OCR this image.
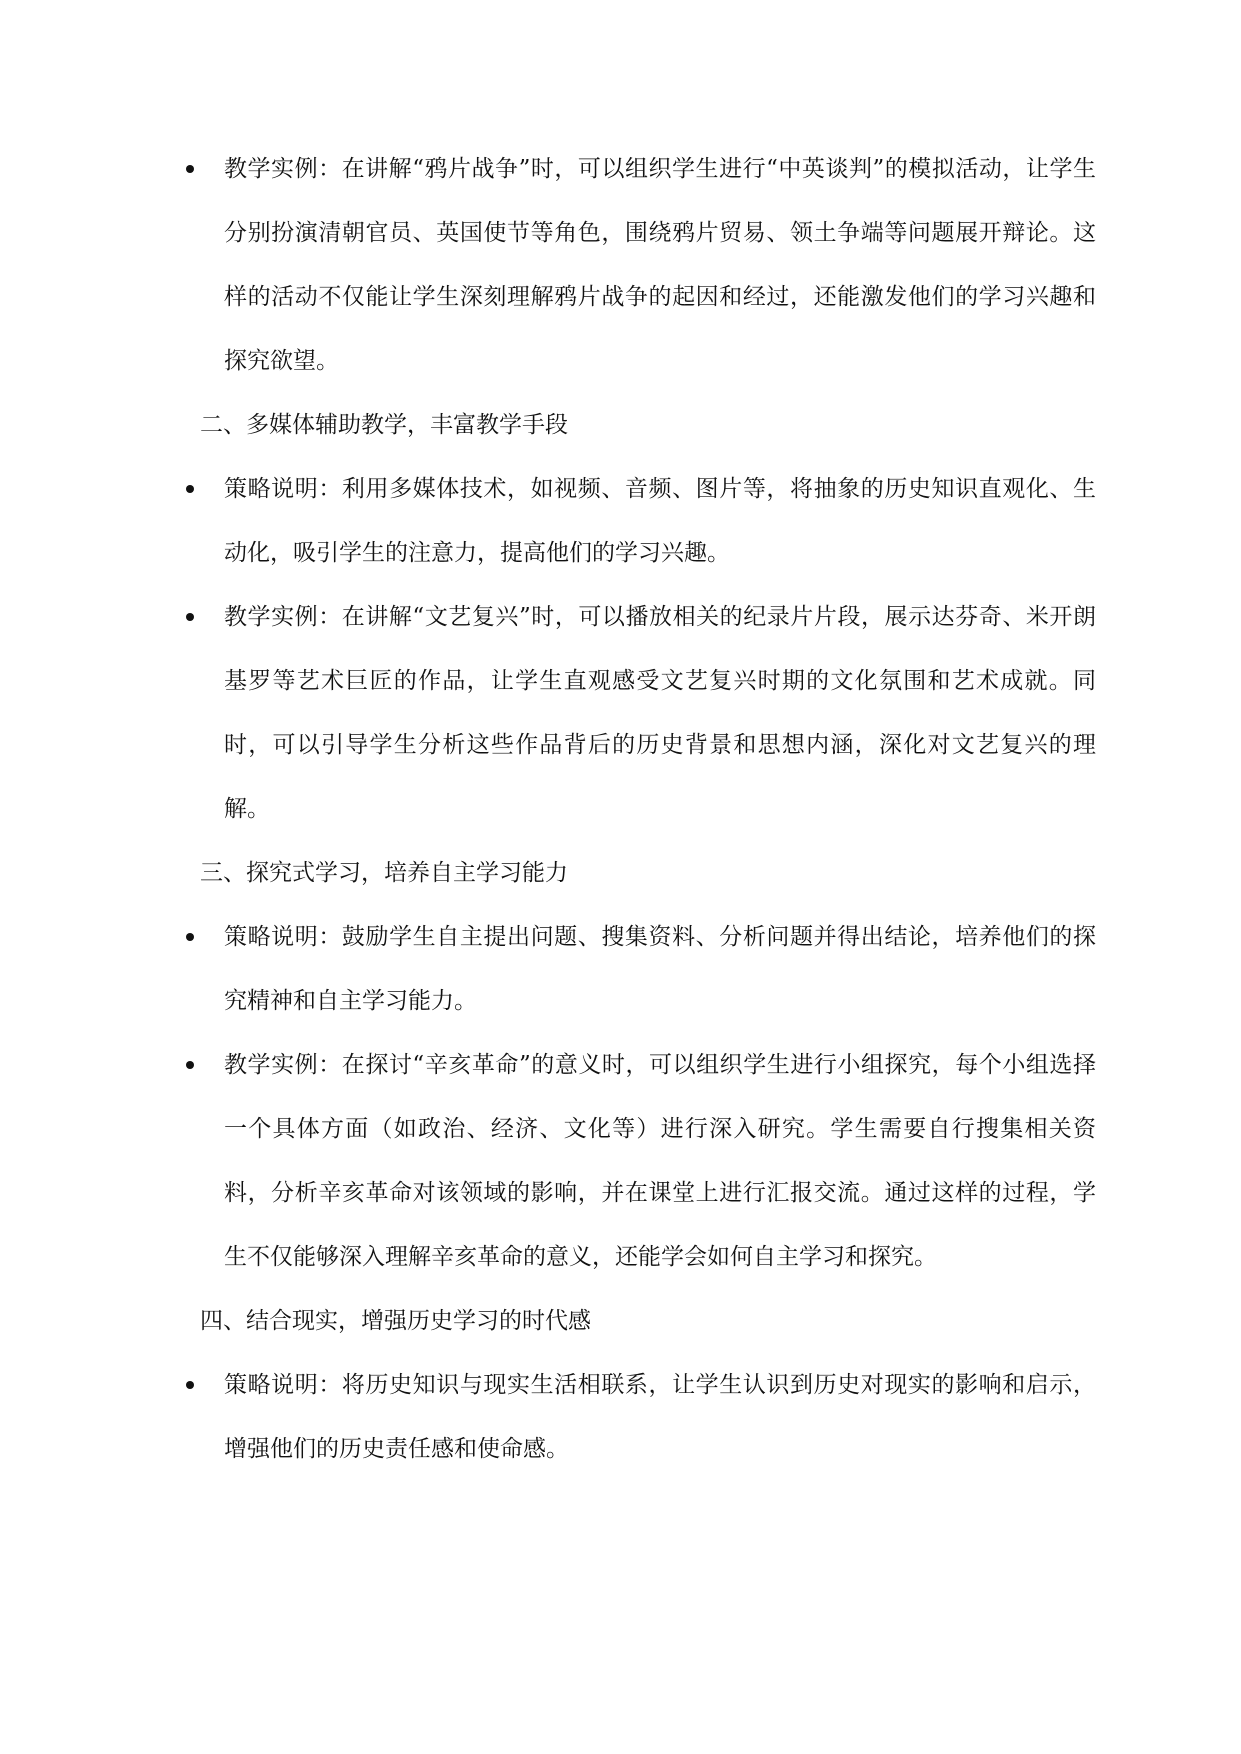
教学实例：在讲解“鸦片战争”时，可以组织学生进行“中英谈判”的模拟活动，让学生分别扮演清朝官员、英国使节等角色，围绕鸦片贸易、领土争端等问题展开辩论。这样的活动不仅能让学生深刻理解鸦片战争的起因和经过，还能激发他们的学习兴趣和探究欲望。
二、多媒体辅助教学，丰富教学手段
策略说明：利用多媒体技术，如视频、音频、图片等，将抽象的历史知识直观化、生动化，吸引学生的注意力，提高他们的学习兴趣。
教学实例：在讲解“文艺复兴”时，可以播放相关的纪录片片段，展示达芬奇、米开朗基罗等艺术巨匠的作品，让学生直观感受文艺复兴时期的文化氛围和艺术成就。同时，可以引导学生分析这些作品背后的历史背景和思想内涵，深化对文艺复兴的理解。
三、探究式学习，培养自主学习能力
策略说明：鼓励学生自主提出问题、搜集资料、分析问题并得出结论，培养他们的探究精神和自主学习能力。
教学实例：在探讨“辛亥革命”的意义时，可以组织学生进行小组探究，每个小组选择一个具体方面（如政治、经济、文化等）进行深入研究。学生需要自行搜集相关资料，分析辛亥革命对该领域的影响，并在课堂上进行汇报交流。通过这样的过程，学生不仅能够深入理解辛亥革命的意义，还能学会如何自主学习和探究。
四、结合现实，增强历史学习的时代感
策略说明：将历史知识与现实生活相联系，让学生认识到历史对现实的影响和启示，增强他们的历史责任感和使命感。
